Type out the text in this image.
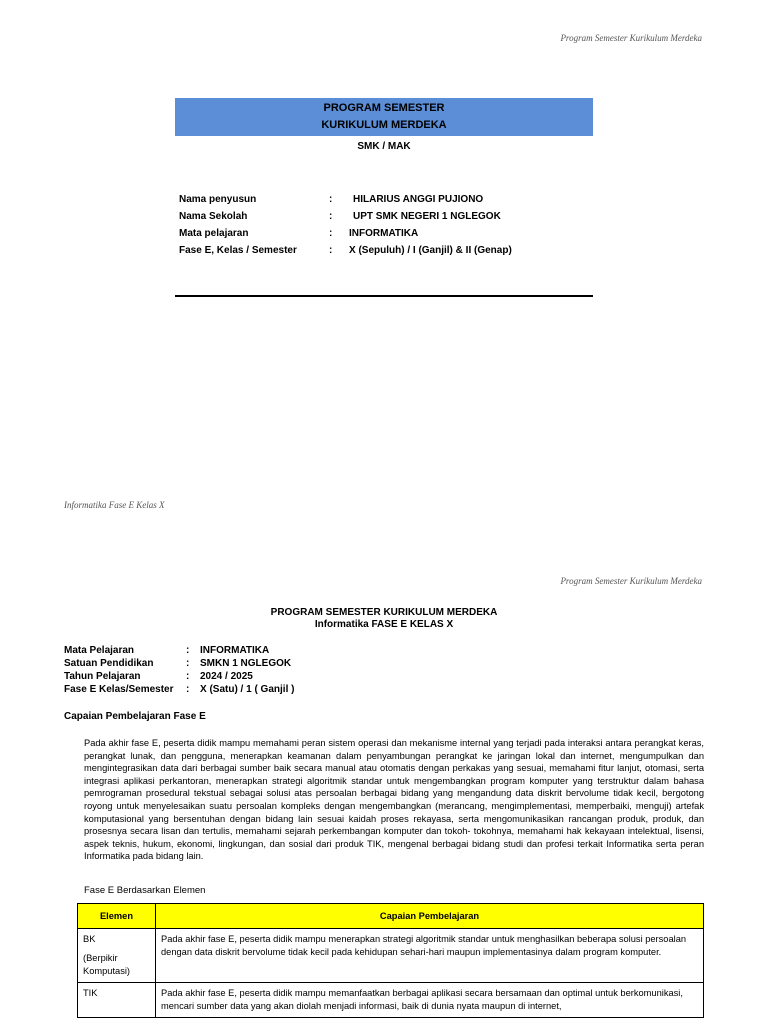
Program Semester Kurikulum Merdeka
PROGRAM SEMESTER
KURIKULUM MERDEKA
SMK / MAK
Nama penyusun	:	HILARIUS ANGGI PUJIONO
Nama Sekolah	:	UPT SMK NEGERI 1 NGLEGOK
Mata pelajaran	:	INFORMATIKA
Fase E, Kelas / Semester	:	X (Sepuluh) / I (Ganjil) & II (Genap)
Informatika Fase E Kelas X
Program Semester Kurikulum Merdeka
PROGRAM SEMESTER KURIKULUM MERDEKA
Informatika FASE E KELAS X
Mata Pelajaran	:	INFORMATIKA
Satuan Pendidikan	:	SMKN 1 NGLEGOK
Tahun Pelajaran	:	2024 / 2025
Fase E Kelas/Semester	:	X (Satu) / 1 ( Ganjil )
Capaian Pembelajaran Fase E

Pada akhir fase E, peserta didik mampu memahami peran sistem operasi dan mekanisme internal yang terjadi pada interaksi antara perangkat keras, perangkat lunak, dan pengguna, menerapkan keamanan dalam penyambungan perangkat ke jaringan lokal dan internet, mengumpulkan dan mengintegrasikan data dari berbagai sumber baik secara manual atau otomatis dengan perkakas yang sesuai, memahami fitur lanjut, otomasi, serta integrasi aplikasi perkantoran, menerapkan strategi algoritmik standar untuk mengembangkan program komputer yang terstruktur dalam bahasa pemrograman prosedural tekstual sebagai solusi atas persoalan berbagai bidang yang mengandung data diskrit bervolume tidak kecil, bergotong royong untuk menyelesaikan suatu persoalan kompleks dengan mengembangkan (merancang, mengimplementasi, memperbaiki, menguji) artefak komputasional yang bersentuhan dengan bidang lain sesuai kaidah proses rekayasa, serta mengomunikasikan rancangan produk, produk, dan prosesnya secara lisan dan tertulis, memahami sejarah perkembangan komputer dan tokoh- tokohnya, memahami hak kekayaan intelektual, lisensi, aspek teknis, hukum, ekonomi, lingkungan, dan sosial dari produk TIK, mengenal berbagai bidang studi dan profesi terkait Informatika serta peran Informatika pada bidang lain.

Fase E Berdasarkan Elemen
Elemen	Capaian Pembelajaran
BK
(Berpikir Komputasi)	Pada akhir fase E, peserta didik mampu menerapkan strategi algoritmik standar untuk menghasilkan beberapa solusi persoalan dengan data diskrit bervolume tidak kecil pada kehidupan sehari-hari maupun implementasinya dalam program komputer.
TIK	Pada akhir fase E, peserta didik mampu memanfaatkan berbagai aplikasi secara bersamaan dan optimal untuk berkomunikasi, mencari sumber data yang akan diolah menjadi informasi, baik di dunia nyata maupun di internet,
